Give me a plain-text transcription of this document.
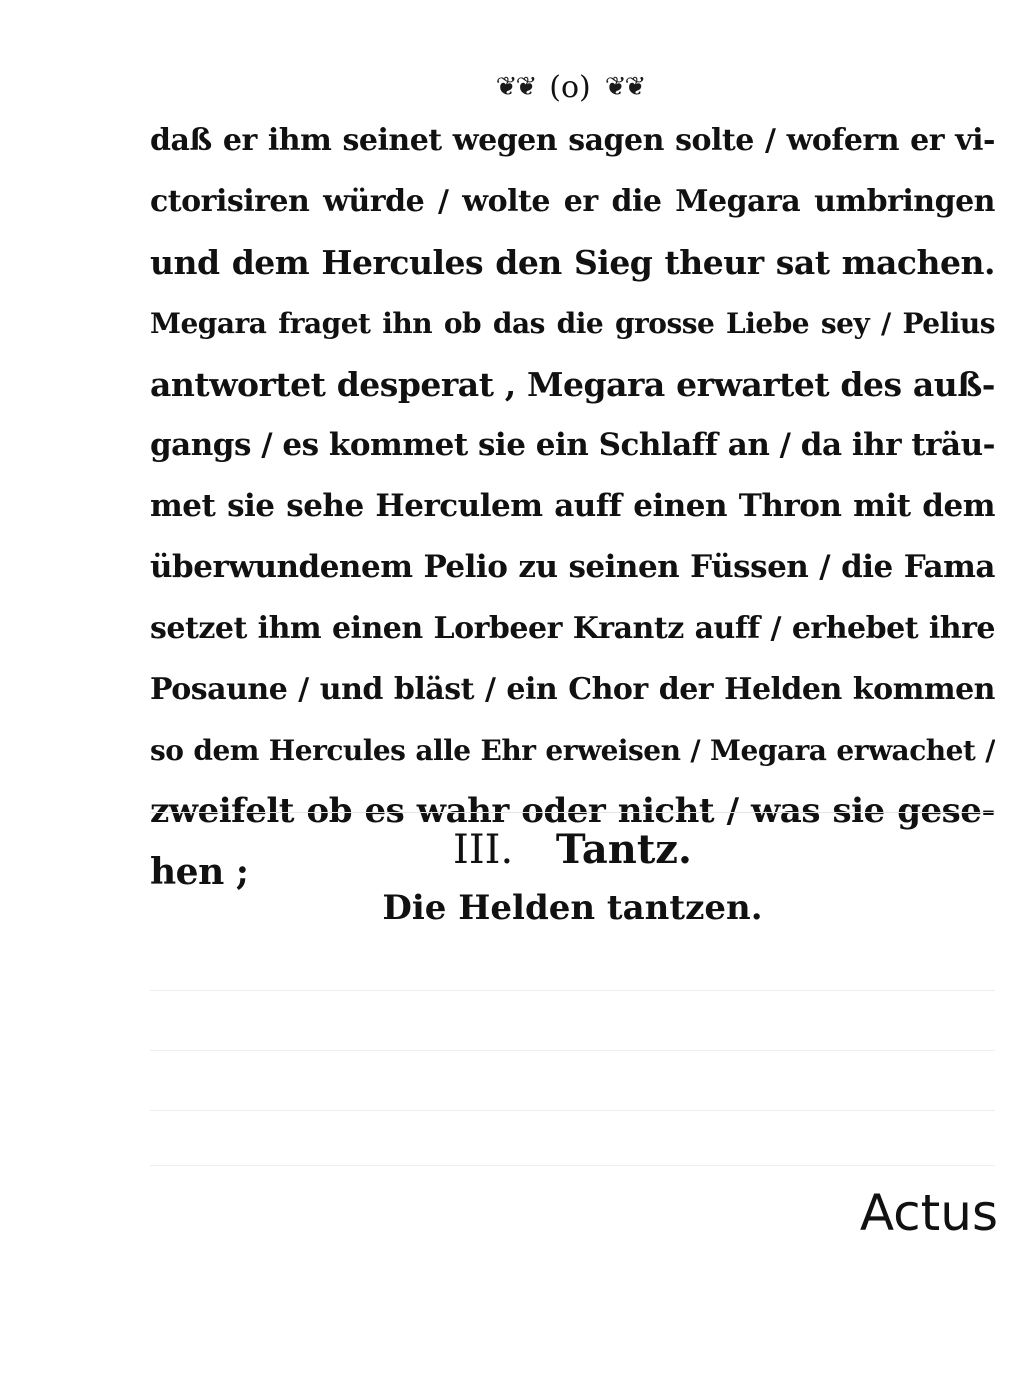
❦❦ (o) ❦❦
daß er ihm seinet wegen sagen solte / wofern er vi-
ctorisiren würde / wolte er die Megara umbringen
und dem Hercules den Sieg theur sat machen.
Megara fraget ihn ob das die grosse Liebe sey / Pelius
antwortet desperat , Megara erwartet des auß-
gangs / es kommet sie ein Schlaff an / da ihr träu-
met sie sehe Herculem auff einen Thron mit dem
überwundenem Pelio zu seinen Füssen / die Fama
setzet ihm einen Lorbeer Krantz auff / erhebet ihre
Posaune / und bläst / ein Chor der Helden kommen
so dem Hercules alle Ehr erweisen / Megara erwachet /
zweifelt ob es wahr oder nicht / was sie gese-
hen ;	III. Tantz.
Die Helden tantzen.
Actus
